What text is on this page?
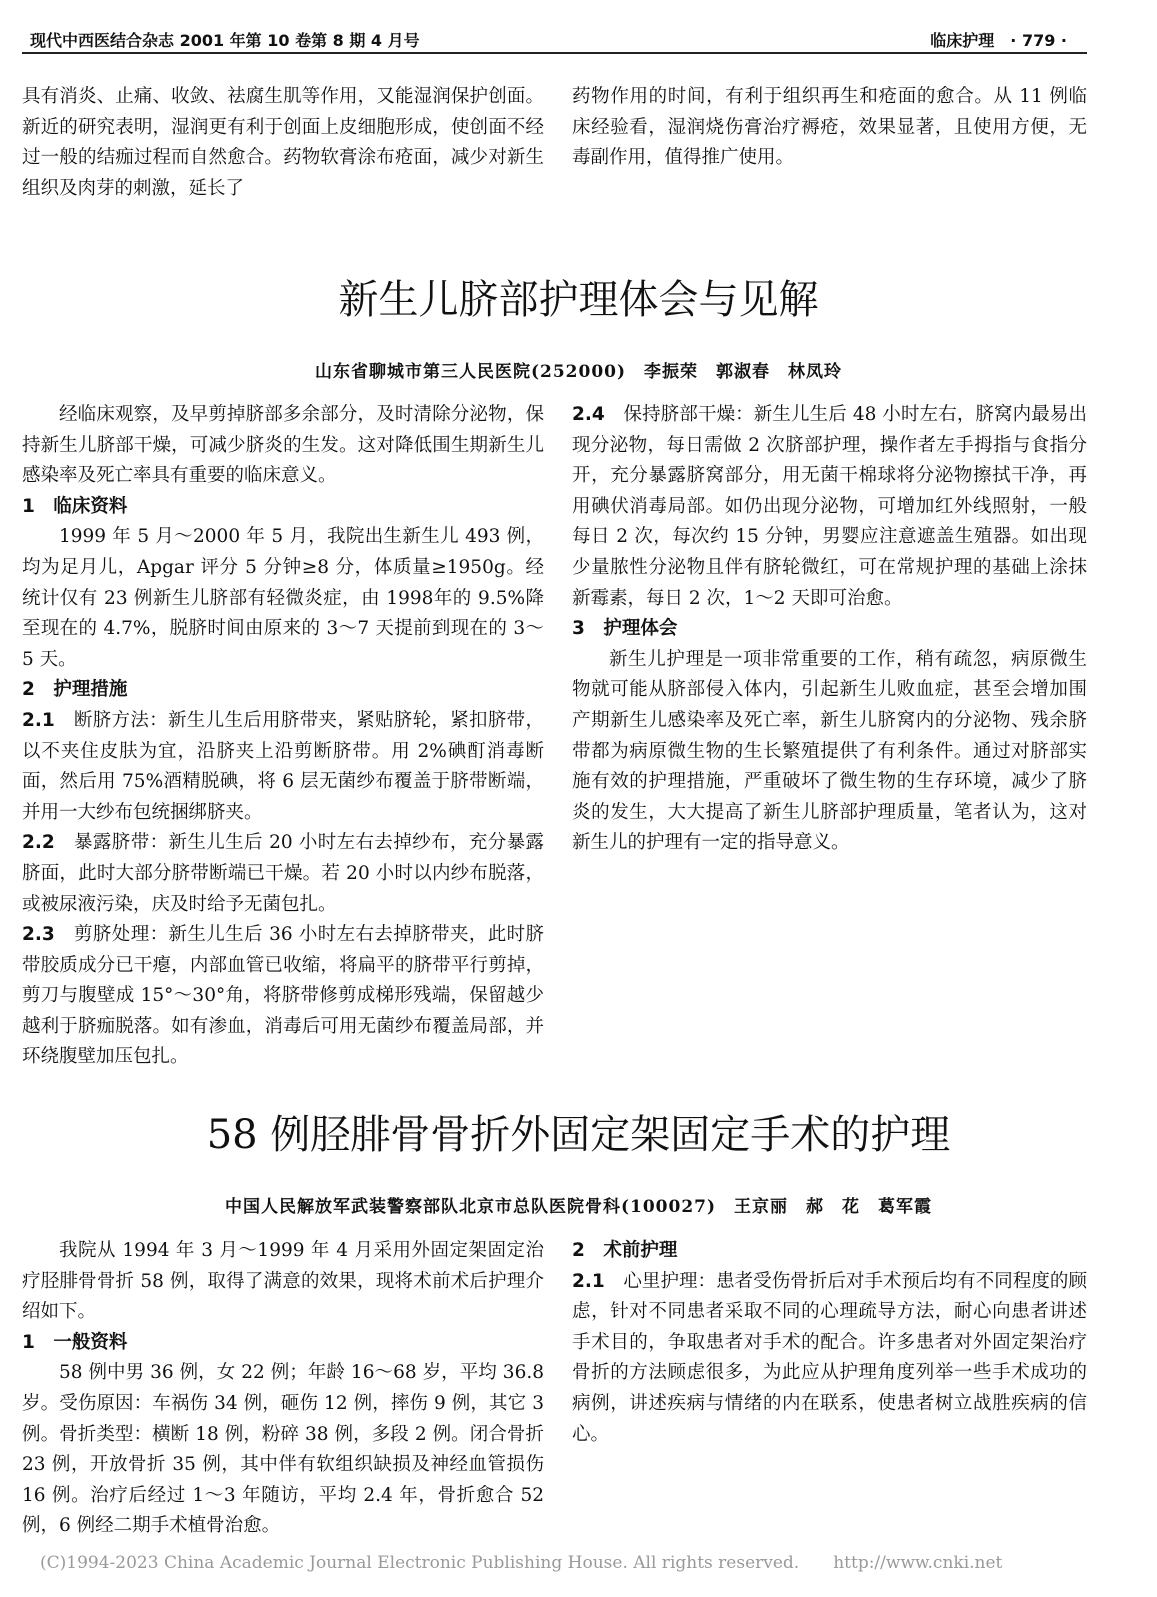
现代中西医结合杂志 2001 年第 10 卷第 8 期 4 月号	临床护理　 · 779 ·

具有消炎、止痛、收敛、祛腐生肌等作用，又能湿润保护创面。新近的研究表明，湿润更有利于创面上皮细胞形成，使创面不经过一般的结痂过程而自然愈合。药物软膏涂布疮面，减少对新生组织及肉芽的刺激，延长了

药物作用的时间，有利于组织再生和疮面的愈合。从 11 例临床经验看，湿润烧伤膏治疗褥疮，效果显著，且使用方便，无毒副作用，值得推广使用。

新生儿脐部护理体会与见解
山东省聊城市第三人民医院(252000)　李振荣　郭淑春　林凤玲

经临床观察，及早剪掉脐部多余部分，及时清除分泌物，保持新生儿脐部干燥，可减少脐炎的生发。这对降低围生期新生儿感染率及死亡率具有重要的临床意义。

1　临床资料

1999 年 5 月～2000 年 5 月，我院出生新生儿 493 例，均为足月儿，Apgar 评分 5 分钟≥8 分，体质量≥1950g。经统计仅有 23 例新生儿脐部有轻微炎症，由 1998年的 9.5%降至现在的 4.7%，脱脐时间由原来的 3～7 天提前到现在的 3～5 天。

2　护理措施

2.1　 断脐方法：新生儿生后用脐带夹，紧贴脐轮，紧扣脐带，以不夹住皮肤为宜，沿脐夹上沿剪断脐带。用 2%碘酊消毒断面，然后用 75%酒精脱碘，将 6 层无菌纱布覆盖于脐带断端，并用一大纱布包统捆绑脐夹。

2.2　 暴露脐带：新生儿生后 20 小时左右去掉纱布，充分暴露脐面，此时大部分脐带断端已干燥。若 20 小时以内纱布脱落，或被尿液污染，庆及时给予无菌包扎。

2.3　 剪脐处理：新生儿生后 36 小时左右去掉脐带夹，此时脐带胶质成分已干瘪，内部血管已收缩，将扁平的脐带平行剪掉，剪刀与腹壁成 15°～30°角，将脐带修剪成梯形残端，保留越少越利于脐痂脱落。如有渗血，消毒后可用无菌纱布覆盖局部，并环绕腹壁加压包扎。

2.4　 保持脐部干燥：新生儿生后 48 小时左右，脐窝内最易出现分泌物，每日需做 2 次脐部护理，操作者左手拇指与食指分开，充分暴露脐窝部分，用无菌干棉球将分泌物擦拭干净，再用碘伏消毒局部。如仍出现分泌物，可增加红外线照射，一般每日 2 次，每次约 15 分钟，男婴应注意遮盖生殖器。如出现少量脓性分泌物且伴有脐轮微红，可在常规护理的基础上涂抹新霉素，每日 2 次，1～2 天即可治愈。

3　护理体会

新生儿护理是一项非常重要的工作，稍有疏忽，病原微生物就可能从脐部侵入体内，引起新生儿败血症，甚至会增加围产期新生儿感染率及死亡率，新生儿脐窝内的分泌物、残余脐带都为病原微生物的生长繁殖提供了有利条件。通过对脐部实施有效的护理措施，严重破坏了微生物的生存环境，减少了脐炎的发生，大大提高了新生儿脐部护理质量，笔者认为，这对新生儿的护理有一定的指导意义。

58 例胫腓骨骨折外固定架固定手术的护理
中国人民解放军武装警察部队北京市总队医院骨科(100027)　王京丽　郝　花　葛军霞

我院从 1994 年 3 月～1999 年 4 月采用外固定架固定治疗胫腓骨骨折 58 例，取得了满意的效果，现将术前术后护理介绍如下。

1　一般资料

58 例中男 36 例，女 22 例；年龄 16～68 岁，平均 36.8 岁。受伤原因：车祸伤 34 例，砸伤 12 例，摔伤 9 例，其它 3 例。骨折类型：横断 18 例，粉碎 38 例，多段 2 例。闭合骨折 23 例，开放骨折 35 例，其中伴有软组织缺损及神经血管损伤 16 例。治疗后经过 1～3 年随访，平均 2.4 年，骨折愈合 52 例，6 例经二期手术植骨治愈。

2　术前护理

2.1　 心里护理：患者受伤骨折后对手术预后均有不同程度的顾虑，针对不同患者采取不同的心理疏导方法，耐心向患者讲述手术目的，争取患者对手术的配合。许多患者对外固定架治疗骨折的方法顾虑很多，为此应从护理角度列举一些手术成功的病例，讲述疾病与情绪的内在联系，使患者树立战胜疾病的信心。

(C)1994-2023 China Academic Journal Electronic Publishing House. All rights reserved.　　http://www.cnki.net
